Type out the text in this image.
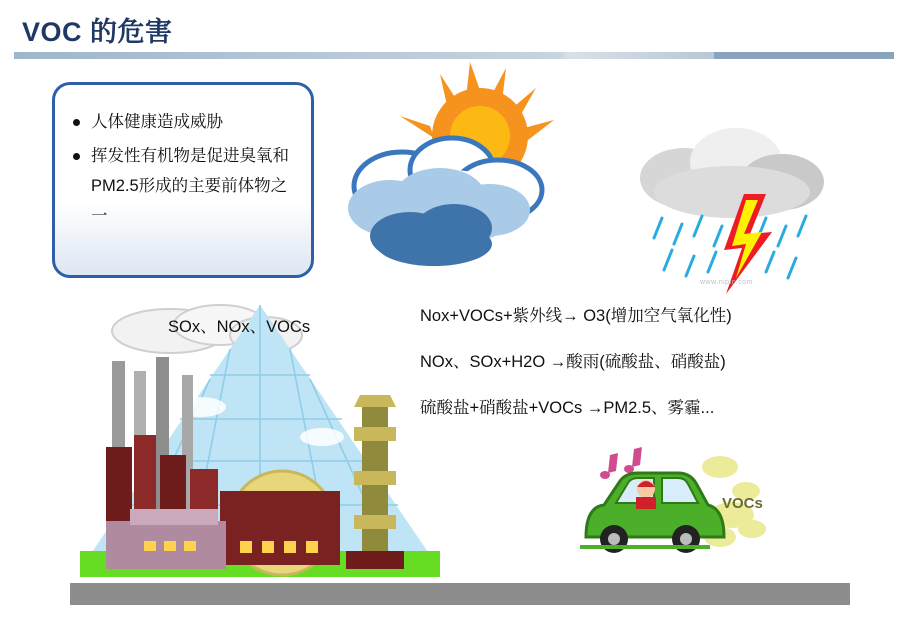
VOC 的危害
人体健康造成威胁
挥发性有机物是促进臭氧和PM2.5形成的主要前体物之一
www.nipic.com
Nox+VOCs+紫外线→ O3(增加空气氧化性)
NOx、SOx+H2O →酸雨(硫酸盐、硝酸盐)
硫酸盐+硝酸盐+VOCs →PM2.5、雾霾...
SOx、NOx、VOCs
VOCs
